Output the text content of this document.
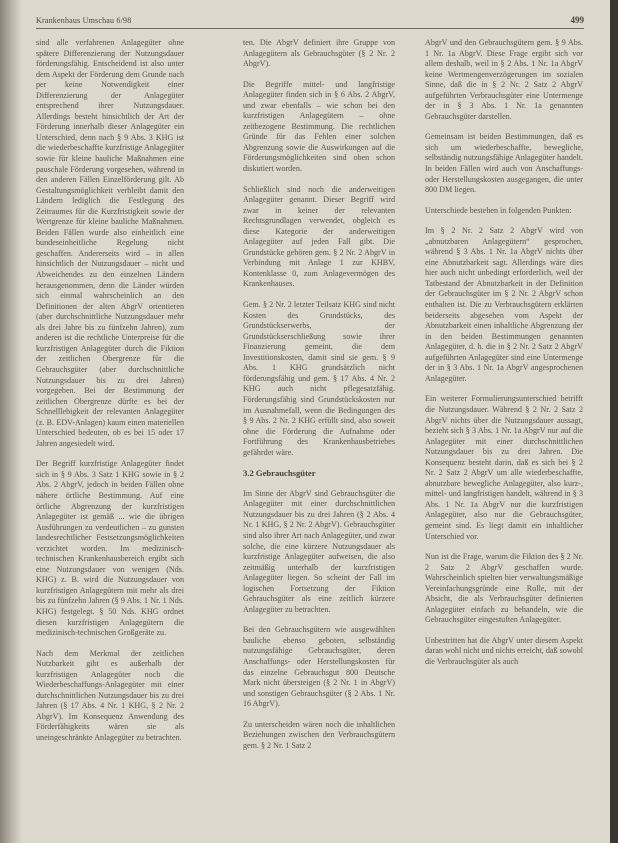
Krankenhaus Umschau 6/98	499

sind alle verfahrenen Anlagegüter ohne spätere Differenzierung der Nutzungsdauer förderungsfähig. Entscheidend ist also unter dem Aspekt der Förderung dem Grunde nach per keine Notwendigkeit einer Differenzierung der Anlagegüter entsprechend ihrer Nutzungsdauer. Allerdings besteht hinsichtlich der Art der Förderung innerhalb dieser Anlagegüter ein Unterschied, denn nach § 9 Abs. 3 KHG ist die wiederbeschaffte kurzfristige Anlagegüter sowie für kleine bauliche Maßnahmen eine pauschale Förderung vorgesehen, während in den anderen Fällen Einzelförderung gilt. Ab Gestaltungsmöglichkeit verbleibt damit den Ländern lediglich die Festlegung des Zeitraumes für die Kurzfristigkeit sowie der Wertgrenze für kleine bauliche Maßnahmen. Beiden Fällen wurde also einheitlich eine bundeseinheitliche Regelung nicht geschaffen. Andererseits wird – in allen hinsichtlich der Nutzungsdauer – nicht und Abweichendes zu den einzelnen Ländern herausgenommen, denn die Länder würden sich einmal wahrscheinlich an den Definitionen der alten AbgrV orientieren (aber durchschnittliche Nutzungsdauer mehr als drei Jahre bis zu fünfzehn Jahren), zum anderen ist die rechtliche Unterpreise für die kurzfristigen Anlagegüter durch die Fiktion der zeitlichen Obergrenze für die Gebrauchsgüter (aber durchschnittliche Nutzungsdauer bis zu drei Jahren) vorgegeben. Bei der Bestimmung der zeitlichen Obergrenze dürfte es bei der Schnelllebigkeit der relevanten Anlagegüter (z. B. EDV-Anlagen) kaum einen materiellen Unterschied bedeuten, ob es bei 15 oder 17 Jahren angesiedelt wird.

Der Begriff kurzfristige Anlagegüter findet sich in § 9 Abs. 3 Satz 1 KHG sowie in § 2 Abs. 2 AbgrV, jedoch in beiden Fällen ohne nähere örtliche Bestimmung. Auf eine örtliche Abgrenzung der kurzfristigen Anlagegüter ist gemäß ... wie die übrigen Ausführungen zu verdeutlichen – zu gunsten landesrechtlicher Festsetzungsmöglichkeiten verzichtet worden. Im medizinisch-technischen Krankenhausbereich ergibt sich eine Nutzungsdauer von wenigen (Nds. KHG) z. B. wird die Nutzungsdauer von kurzfristigen Anlagegütern mit mehr als drei bis zu fünfzehn Jahren (§ 9 Abs. 1 Nr. 1 Nds. KHG) festgelegt. § 50 Nds. KHG ordnet diesen kurzfristigen Anlagegütern die medizinisch-technischen Großgeräte zu.

Nach dem Merkmal der zeitlichen Nutzbarkeit gibt es außerhalb der kurzfristigen Anlagegüter noch die Wiederbeschaffungs-Anlagegüter mit einer durchschnittlichen Nutzungsdauer bis zu drei Jahren (§ 17 Abs. 4 Nr. 1 KHG, § 2 Nr. 2 AbgrV). Im Konsequenz Anwendung des Förderfähigkeits wären sie als uneingeschränkte Anlagegüter zu betrachten.

ten. Die AbgrV definiert ihre Gruppe von Anlagegütern als Gebrauchsgüter (§ 2 Nr. 2 AbgrV).

Die Begriffe mittel- und langfristige Anlagegüter finden sich in § 6 Abs. 2 AbgrV, und zwar ebenfalls – wie schon bei den kurzfristigen Anlagegütern – ohne zeitbezogene Bestimmung. Die rechtlichen Gründe für das Fehlen einer solchen Abgrenzung sowie die Auswirkungen auf die Förderungsmöglichkeiten sind oben schon diskutiert worden.

Schließlich sind noch die anderweitigen Anlagegüter genannt. Dieser Begriff wird zwar in keiner der relevanten Rechtsgrundlagen verwendet, obgleich es diese Kategorie der anderweitigen Anlagegüter auf jeden Fall gibt. Die Grundstücke gehören gem. § 2 Nr. 2 AbgrV in Verbindung mit Anlage 1 zur KHBV, Kontenklasse 0, zum Anlagevermögen des Krankenhauses.

Gem. § 2 Nr. 2 letzter Teilsatz KHG sind nicht Kosten des Grundstücks, des Grundstückserwerbs, der Grundstückserschließung sowie ihrer Finanzierung gemeint, die dem Investitionskosten, damit sind sie gem. § 9 Abs. 1 KHG grundsätzlich nicht förderungsfähig und gem. § 17 Abs. 4 Nr. 2 KHG auch nicht pflegesatzfähig. Förderungsfähig sind Grundstückskosten nur im Ausnahmefall, wenn die Bedingungen des § 9 Abs. 2 Nr. 2 KHG erfüllt sind, also soweit ohne die Förderung die Aufnahme oder Fortführung des Krankenhausbetriebes gefährdet wäre.

3.2 Gebrauchsgüter

Im Sinne der AbgrV sind Gebrauchsgüter die Anlagegüter mit einer durchschnittlichen Nutzungsdauer bis zu drei Jahren (§ 2 Abs. 4 Nr. 1 KHG, § 2 Nr. 2 AbgrV). Gebrauchsgüter sind also ihrer Art nach Anlagegüter, und zwar solche, die eine kürzere Nutzungsdauer als kurzfristige Anlagegüter aufweisen, die also zeitmäßig unterhalb der kurzfristigen Anlagegüter liegen. So scheint der Fall im logischen Fortsetzung der Fiktion Gebrauchsgüter als eine zeitlich kürzere Anlagegüter zu betrachten.

Bei den Gebrauchsgütern wie ausgewählten bauliche ebenso geboten, selbständig nutzungsfähige Gebrauchsgüter, deren Anschaffungs- oder Herstellungskosten für das einzelne Gebrauchsgut 800 Deutsche Mark nicht übersteigen (§ 2 Nr. 1 in AbgrV) und sonstigen Gebrauchsgüter (§ 2 Abs. 1 Nr. 16 AbgrV).

Zu unterscheiden wären noch die inhaltlichen Beziehungen zwischen den Verbrauchsgütern gem. § 2 Nr. 1 Satz 2

AbgrV und den Gebrauchsgütern gem. § 9 Abs. 1 Nr. 1a AbgrV. Diese Frage ergibt sich vor allem deshalb, weil in § 2 Abs. 1 Nr. 1a AbgrV keine Wertmengenverzögerungen im sozialen Sinne, daß die in § 2 Nr. 2 Satz 2 AbgrV aufgeführten Verbrauchsgüter eine Untermenge der in § 3 Abs. 1 Nr. 1a genannten Gebrauchsgüter darstellen.

Gemeinsam ist beiden Bestimmungen, daß es sich um wiederbeschaffte, bewegliche, selbständig nutzungsfähige Anlagegüter handelt. In beiden Fällen wird auch von Anschaffungs- oder Herstellungskosten ausgegangen, die unter 800 DM liegen.

Unterschiede bestehen in folgenden Punkten:

Im § 2 Nr. 2 Satz 2 AbgrV wird von „abnutzbaren Anlagegütern“ gesprochen, während § 3 Abs. 1 Nr. 1a AbgrV nichts über eine Abnutzbarkeit sagt. Allerdings wäre dies hier auch nicht unbedingt erforderlich, weil der Tatbestand der Abnutzbarkeit in der Definition der Gebrauchsgüter im § 2 Nr. 2 AbgrV schon enthalten ist. Die zu Verbrauchsgütern erklärten beiderseits abgesehen vom Aspekt der Abnutzbarkeit einen inhaltliche Abgrenzung der in den beiden Bestimmungen genannten Anlagegüter, d. h. die in § 2 Nr. 2 Satz 2 AbgrV aufgeführten Anlagegüter sind eine Untermenge der in § 3 Abs. 1 Nr. 1a AbgrV angesprochenen Anlagegüter.

Ein weiterer Formulierungsunterschied betrifft die Nutzungsdauer. Während § 2 Nr. 2 Satz 2 AbgrV nichts über die Nutzungsdauer aussagt, bezieht sich § 3 Abs. 1 Nr. 1a AbgrV nur auf die Anlagegüter mit einer durchschnittlichen Nutzungsdauer bis zu drei Jahren. Die Konsequenz besteht darin, daß es sich bei § 2 Nr. 2 Satz 2 AbgrV um alle wiederbeschaffte, abnutzbare bewegliche Anlagegüter, also kurz-, mittel- und langfristigen handelt, während in § 3 Abs. 1 Nr. 1a AbgrV nur die kurzfristigen Anlagegüter, also nur die Gebrauchsgüter, gemeint sind. Es liegt damit ein inhaltlicher Unterschied vor.

Nun ist die Frage, warum die Fiktion des § 2 Nr. 2 Satz 2 AbgrV geschaffen wurde. Wahrscheinlich spielten hier verwaltungsmäßige Vereinfachungsgründe eine Rolle, mit der Absicht, die als Verbrauchsgüter definierten Anlagegüter einfach zu behandeln, wie die Gebrauchsgüter eingestuften Anlagegüter.

Unbestritten hat die AbgrV unter diesem Aspekt daran wohl nicht und nichts erreicht, daß sowohl die Verbrauchsgüter als auch
